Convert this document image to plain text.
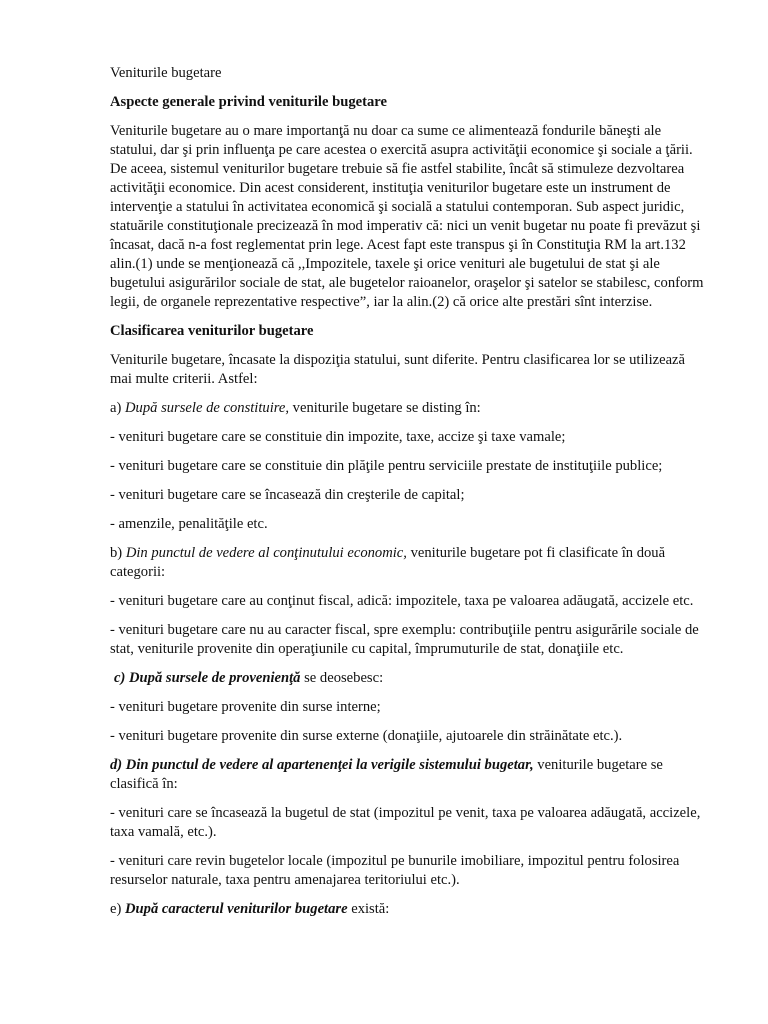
Veniturile bugetare

Aspecte generale privind veniturile bugetare

Veniturile bugetare au o mare importanţă nu doar ca sume ce alimentează fondurile băneşti ale statului, dar şi prin influenţa pe care acestea o exercită asupra activităţii economice şi sociale a ţării. De aceea, sistemul veniturilor bugetare trebuie să fie astfel stabilite, încât să stimuleze dezvoltarea activităţii economice. Din acest considerent, instituţia veniturilor bugetare este un instrument de intervenţie a statului în activitatea economică şi socială a statului contemporan. Sub aspect juridic, statuările constituţionale precizează în mod imperativ că: nici un venit bugetar nu poate fi prevăzut şi încasat, dacă n-a fost reglementat prin lege. Acest fapt este transpus şi în Constituţia RM la art.132 alin.(1) unde se menţionează că ,,Impozitele, taxele şi orice venituri ale bugetului de stat şi ale bugetului asigurărilor sociale de stat, ale bugetelor raioanelor, oraşelor şi satelor se stabilesc, conform legii, de organele reprezentative respective”, iar la alin.(2) că orice alte prestări sînt interzise.

Clasificarea veniturilor bugetare

Veniturile bugetare, încasate la dispoziţia statului, sunt diferite. Pentru clasificarea lor se utilizează mai multe criterii. Astfel:

a) După sursele de constituire, veniturile bugetare se disting în:

- venituri bugetare care se constituie din impozite, taxe, accize şi taxe vamale;

- venituri bugetare care se constituie din plăţile pentru serviciile prestate de instituţiile publice;

- venituri bugetare care se încasează din creşterile de capital;

- amenzile, penalităţile etc.

b) Din punctul de vedere al conţinutului economic, veniturile bugetare pot fi clasificate în două categorii:

- venituri bugetare care au conţinut fiscal, adică: impozitele, taxa pe valoarea adăugată, accizele etc.

- venituri bugetare care nu au caracter fiscal, spre exemplu: contribuţiile pentru asigurările sociale de stat, veniturile provenite din operaţiunile cu capital, împrumuturile de stat, donaţiile etc.

c) După sursele de provenienţă se deosebesc:

- venituri bugetare provenite din surse interne;

- venituri bugetare provenite din surse externe (donaţiile, ajutoarele din străinătate etc.).

d) Din punctul de vedere al apartenenţei la verigile sistemului bugetar, veniturile bugetare se clasifică în:

- venituri care se încasează la bugetul de stat (impozitul pe venit, taxa pe valoarea adăugată, accizele, taxa vamală, etc.).

- venituri care revin bugetelor locale (impozitul pe bunurile imobiliare, impozitul pentru folosirea resurselor naturale, taxa pentru amenajarea teritoriului etc.).

e) După caracterul veniturilor bugetare există:
